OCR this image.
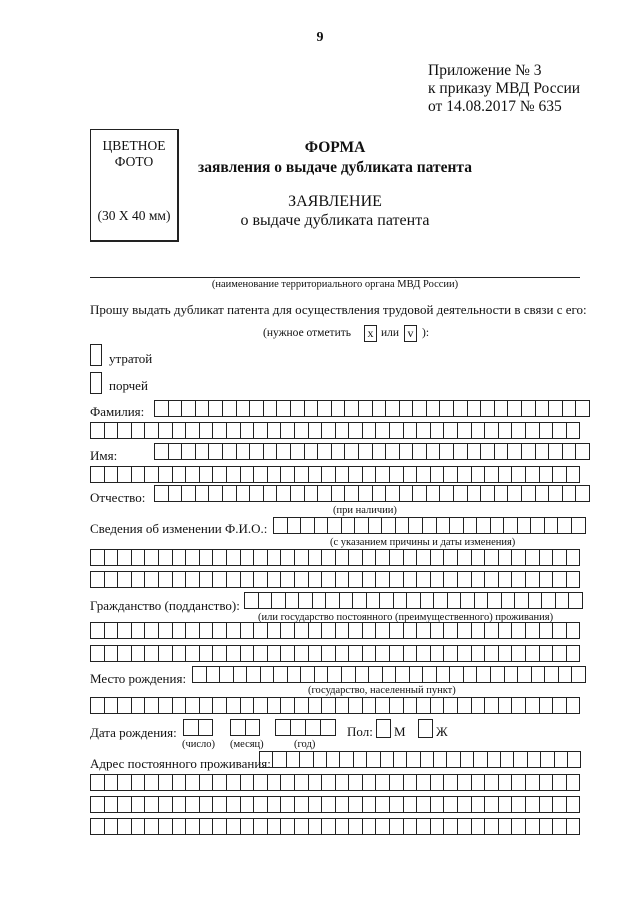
9
Приложение № 3
к приказу МВД России
от 14.08.2017 № 635
ЦВЕТНОЕ
ФОТО
(30 X 40 мм)
ФОРМА
заявления о выдаче дубликата патента
ЗАЯВЛЕНИЕ
о выдаче дубликата патента
(наименование территориального органа МВД России)
Прошу выдать дубликат патента для осуществления трудовой деятельности в связи с его:
(нужное отметить x или v ):
утратой
порчей
Фамилия:
Имя:
Отчество:
(при наличии)
Сведения об изменении Ф.И.О.:
(с указанием причины и даты изменения)
Гражданство (подданство):
(или государство постоянного (преимущественного) проживания)
Место рождения:
(государство, населенный пункт)
Дата рождения:
(число) (месяц)	(год)
Пол: М Ж
Адрес постоянного проживания:
